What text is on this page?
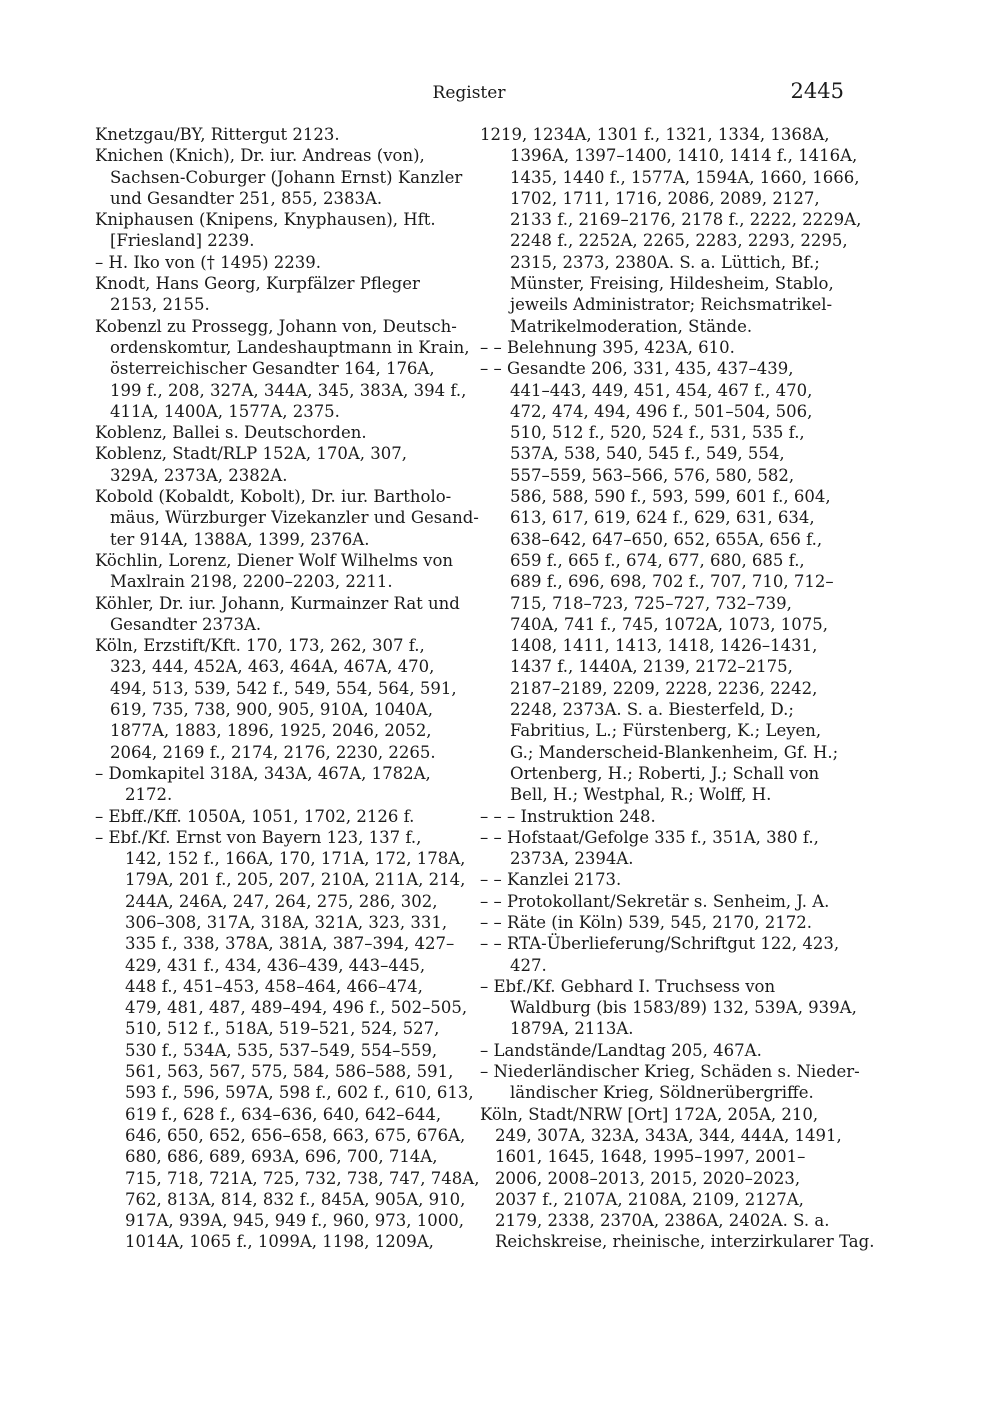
Register	2445
Knetzgau/BY, Rittergut 2123.
Knichen (Knich), Dr. iur. Andreas (von),
Sachsen-Coburger (Johann Ernst) Kanzler
und Gesandter 251, 855, 2383A.
Kniphausen (Knipens, Knyphausen), Hft.
[Friesland] 2239.
– H. Iko von († 1495) 2239.
Knodt, Hans Georg, Kurpfälzer Pfleger
2153, 2155.
Kobenzl zu Prossegg, Johann von, Deutsch-
ordenskomtur, Landeshauptmann in Krain,
österreichischer Gesandter 164, 176A,
199 f., 208, 327A, 344A, 345, 383A, 394 f.,
411A, 1400A, 1577A, 2375.
Koblenz, Ballei s. Deutschorden.
Koblenz, Stadt/RLP 152A, 170A, 307,
329A, 2373A, 2382A.
Kobold (Kobaldt, Kobolt), Dr. iur. Bartholo-
mäus, Würzburger Vizekanzler und Gesand-
ter 914A, 1388A, 1399, 2376A.
Köchlin, Lorenz, Diener Wolf Wilhelms von
Maxlrain 2198, 2200–2203, 2211.
Köhler, Dr. iur. Johann, Kurmainzer Rat und
Gesandter 2373A.
Köln, Erzstift/Kft. 170, 173, 262, 307 f.,
323, 444, 452A, 463, 464A, 467A, 470,
494, 513, 539, 542 f., 549, 554, 564, 591,
619, 735, 738, 900, 905, 910A, 1040A,
1877A, 1883, 1896, 1925, 2046, 2052,
2064, 2169 f., 2174, 2176, 2230, 2265.
– Domkapitel 318A, 343A, 467A, 1782A,
2172.
– Ebff./Kff. 1050A, 1051, 1702, 2126 f.
– Ebf./Kf. Ernst von Bayern 123, 137 f.,
142, 152 f., 166A, 170, 171A, 172, 178A,
179A, 201 f., 205, 207, 210A, 211A, 214,
244A, 246A, 247, 264, 275, 286, 302,
306–308, 317A, 318A, 321A, 323, 331,
335 f., 338, 378A, 381A, 387–394, 427–
429, 431 f., 434, 436–439, 443–445,
448 f., 451–453, 458–464, 466–474,
479, 481, 487, 489–494, 496 f., 502–505,
510, 512 f., 518A, 519–521, 524, 527,
530 f., 534A, 535, 537–549, 554–559,
561, 563, 567, 575, 584, 586–588, 591,
593 f., 596, 597A, 598 f., 602 f., 610, 613,
619 f., 628 f., 634–636, 640, 642–644,
646, 650, 652, 656–658, 663, 675, 676A,
680, 686, 689, 693A, 696, 700, 714A,
715, 718, 721A, 725, 732, 738, 747, 748A,
762, 813A, 814, 832 f., 845A, 905A, 910,
917A, 939A, 945, 949 f., 960, 973, 1000,
1014A, 1065 f., 1099A, 1198, 1209A,
1219, 1234A, 1301 f., 1321, 1334, 1368A,
1396A, 1397–1400, 1410, 1414 f., 1416A,
1435, 1440 f., 1577A, 1594A, 1660, 1666,
1702, 1711, 1716, 2086, 2089, 2127,
2133 f., 2169–2176, 2178 f., 2222, 2229A,
2248 f., 2252A, 2265, 2283, 2293, 2295,
2315, 2373, 2380A. S. a. Lüttich, Bf.;
Münster, Freising, Hildesheim, Stablo,
jeweils Administrator; Reichsmatrikel-
Matrikelmoderation, Stände.
– – Belehnung 395, 423A, 610.
– – Gesandte 206, 331, 435, 437–439,
441–443, 449, 451, 454, 467 f., 470,
472, 474, 494, 496 f., 501–504, 506,
510, 512 f., 520, 524 f., 531, 535 f.,
537A, 538, 540, 545 f., 549, 554,
557–559, 563–566, 576, 580, 582,
586, 588, 590 f., 593, 599, 601 f., 604,
613, 617, 619, 624 f., 629, 631, 634,
638–642, 647–650, 652, 655A, 656 f.,
659 f., 665 f., 674, 677, 680, 685 f.,
689 f., 696, 698, 702 f., 707, 710, 712–
715, 718–723, 725–727, 732–739,
740A, 741 f., 745, 1072A, 1073, 1075,
1408, 1411, 1413, 1418, 1426–1431,
1437 f., 1440A, 2139, 2172–2175,
2187–2189, 2209, 2228, 2236, 2242,
2248, 2373A. S. a. Biesterfeld, D.;
Fabritius, L.; Fürstenberg, K.; Leyen,
G.; Manderscheid-Blankenheim, Gf. H.;
Ortenberg, H.; Roberti, J.; Schall von
Bell, H.; Westphal, R.; Wolff, H.
– – – Instruktion 248.
– – Hofstaat/Gefolge 335 f., 351A, 380 f.,
2373A, 2394A.
– – Kanzlei 2173.
– – Protokollant/Sekretär s. Senheim, J. A.
– – Räte (in Köln) 539, 545, 2170, 2172.
– – RTA-Überlieferung/Schriftgut 122, 423,
427.
– Ebf./Kf. Gebhard I. Truchsess von
Waldburg (bis 1583/89) 132, 539A, 939A,
1879A, 2113A.
– Landstände/Landtag 205, 467A.
– Niederländischer Krieg, Schäden s. Nieder-
ländischer Krieg, Söldnerübergriffe.
Köln, Stadt/NRW [Ort] 172A, 205A, 210,
249, 307A, 323A, 343A, 344, 444A, 1491,
1601, 1645, 1648, 1995–1997, 2001–
2006, 2008–2013, 2015, 2020–2023,
2037 f., 2107A, 2108A, 2109, 2127A,
2179, 2338, 2370A, 2386A, 2402A. S. a.
Reichskreise, rheinische, interzirkularer Tag.
